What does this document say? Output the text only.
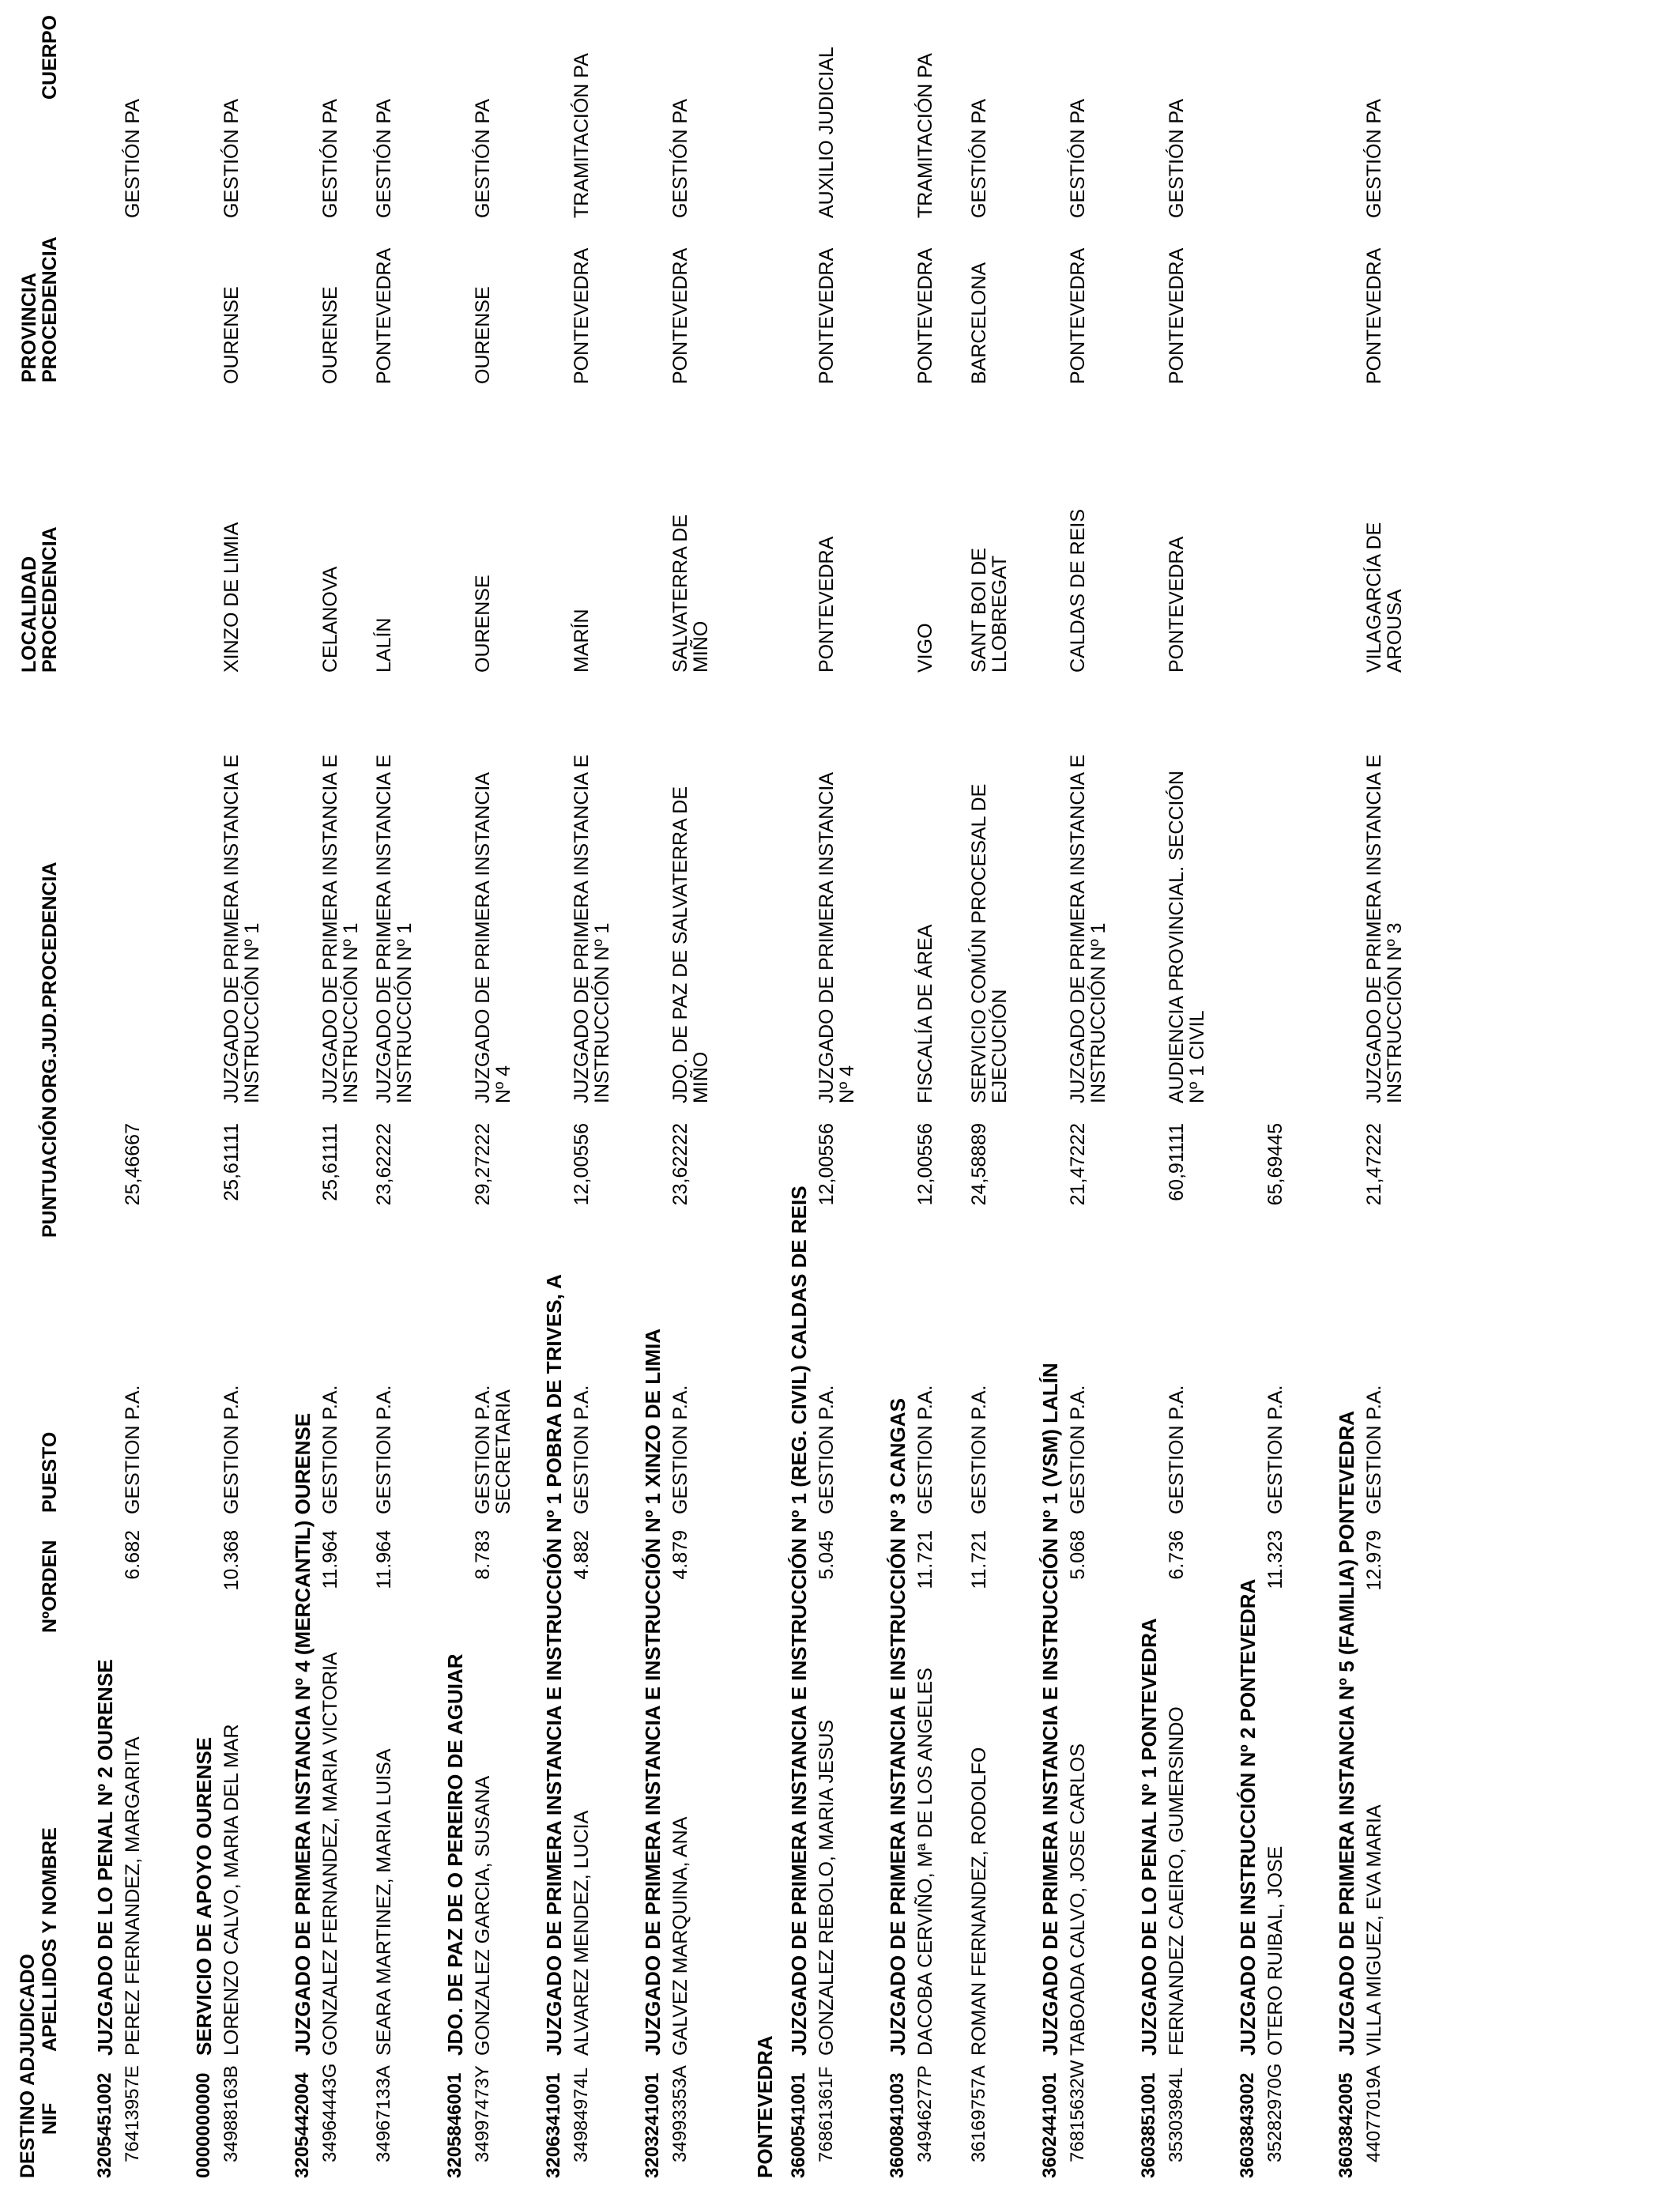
DESTINO ADJUDICADO NIF
APELLIDOS Y NOMBRE
NºORDEN
PUESTO
PUNTUACIÓN
ORG.JUD.PROCEDENCIA
LOCALIDAD
PROCEDENCIA
PROVINCIA
PROCEDENCIA
CUERPO
3205451002
JUZGADO DE LO PENAL Nº 2 OURENSE
76413957E
PEREZ FERNANDEZ, MARGARITA
6.682
GESTION P.A.
25,46667
GESTIÓN PA
0000000000
SERVICIO DE APOYO OURENSE
34988163B
LORENZO CALVO, MARIA DEL MAR
10.368
GESTION P.A.
25,61111
JUZGADO DE PRIMERA INSTANCIA E INSTRUCCIÓN Nº 1
XINZO DE LIMIA
OURENSE
GESTIÓN PA
3205442004
JUZGADO DE PRIMERA INSTANCIA Nº 4 (MERCANTIL) OURENSE
34964443G
GONZALEZ FERNANDEZ, MARIA VICTORIA
11.964
GESTION P.A.
25,61111
JUZGADO DE PRIMERA INSTANCIA E INSTRUCCIÓN Nº 1
CELANOVA
OURENSE
GESTIÓN PA
34967133A
SEARA MARTINEZ, MARIA LUISA
11.964
GESTION P.A.
23,62222
JUZGADO DE PRIMERA INSTANCIA E INSTRUCCIÓN Nº 1
LALÍN
PONTEVEDRA
GESTIÓN PA
3205846001
JDO. DE PAZ DE O PEREIRO DE AGUIAR
34997473Y
GONZALEZ GARCIA, SUSANA
8.783
GESTION P.A. SECRETARIA
29,27222
JUZGADO DE PRIMERA INSTANCIA Nº 4
OURENSE
OURENSE
GESTIÓN PA
3206341001
JUZGADO DE PRIMERA INSTANCIA E INSTRUCCIÓN Nº 1 POBRA DE TRIVES, A
34984974L
ALVAREZ MENDEZ, LUCIA
4.882
GESTION P.A.
12,00556
JUZGADO DE PRIMERA INSTANCIA E INSTRUCCIÓN Nº 1
MARÍN
PONTEVEDRA
TRAMITACIÓN PA
3203241001
JUZGADO DE PRIMERA INSTANCIA E INSTRUCCIÓN Nº 1 XINZO DE LIMIA
34993353A
GALVEZ MARQUINA, ANA
4.879
GESTION P.A.
23,62222
JDO. DE PAZ DE SALVATERRA DE MIÑO
SALVATERRA DE MIÑO
PONTEVEDRA
GESTIÓN PA
PONTEVEDRA 3600541001
JUZGADO DE PRIMERA INSTANCIA E INSTRUCCIÓN Nº 1 (REG. CIVIL) CALDAS DE REIS
76861361F
GONZALEZ REBOLO, MARIA JESUS
5.045
GESTION P.A.
12,00556
JUZGADO DE PRIMERA INSTANCIA Nº 4
PONTEVEDRA
PONTEVEDRA
AUXILIO JUDICIAL
3600841003
JUZGADO DE PRIMERA INSTANCIA E INSTRUCCIÓN Nº 3 CANGAS
34946277P
DACOBA CERVIÑO, Mª DE LOS ANGELES
11.721
GESTION P.A.
12,00556
FISCALÍA DE ÁREA
VIGO
PONTEVEDRA
TRAMITACIÓN PA
36169757A
ROMAN FERNANDEZ, RODOLFO
11.721
GESTION P.A.
24,58889
SERVICIO COMÚN PROCESAL DE EJECUCIÓN
SANT BOI DE LLOBREGAT
BARCELONA
GESTIÓN PA
3602441001
JUZGADO DE PRIMERA INSTANCIA E INSTRUCCIÓN Nº 1 (VSM) LALÍN
76815632W
TABOADA CALVO, JOSE CARLOS
5.068
GESTION P.A.
21,47222
JUZGADO DE PRIMERA INSTANCIA E INSTRUCCIÓN Nº 1
CALDAS DE REIS
PONTEVEDRA
GESTIÓN PA
3603851001
JUZGADO DE LO PENAL Nº 1 PONTEVEDRA
35303984L
FERNANDEZ CAEIRO, GUMERSINDO
6.736
GESTION P.A.
60,91111
AUDIENCIA PROVINCIAL. SECCIÓN Nº 1 CIVIL
PONTEVEDRA
PONTEVEDRA
GESTIÓN PA
3603843002
JUZGADO DE INSTRUCCIÓN Nº 2 PONTEVEDRA
35282970G
OTERO RUIBAL, JOSE
11.323
GESTION P.A.
65,69445
3603842005
JUZGADO DE PRIMERA INSTANCIA Nº 5 (FAMILIA) PONTEVEDRA
44077019A
VILLA MIGUEZ, EVA MARIA
12.979
GESTION P.A.
21,47222
JUZGADO DE PRIMERA INSTANCIA E INSTRUCCIÓN Nº 3
VILAGARCÍA DE AROUSA
PONTEVEDRA
GESTIÓN PA
